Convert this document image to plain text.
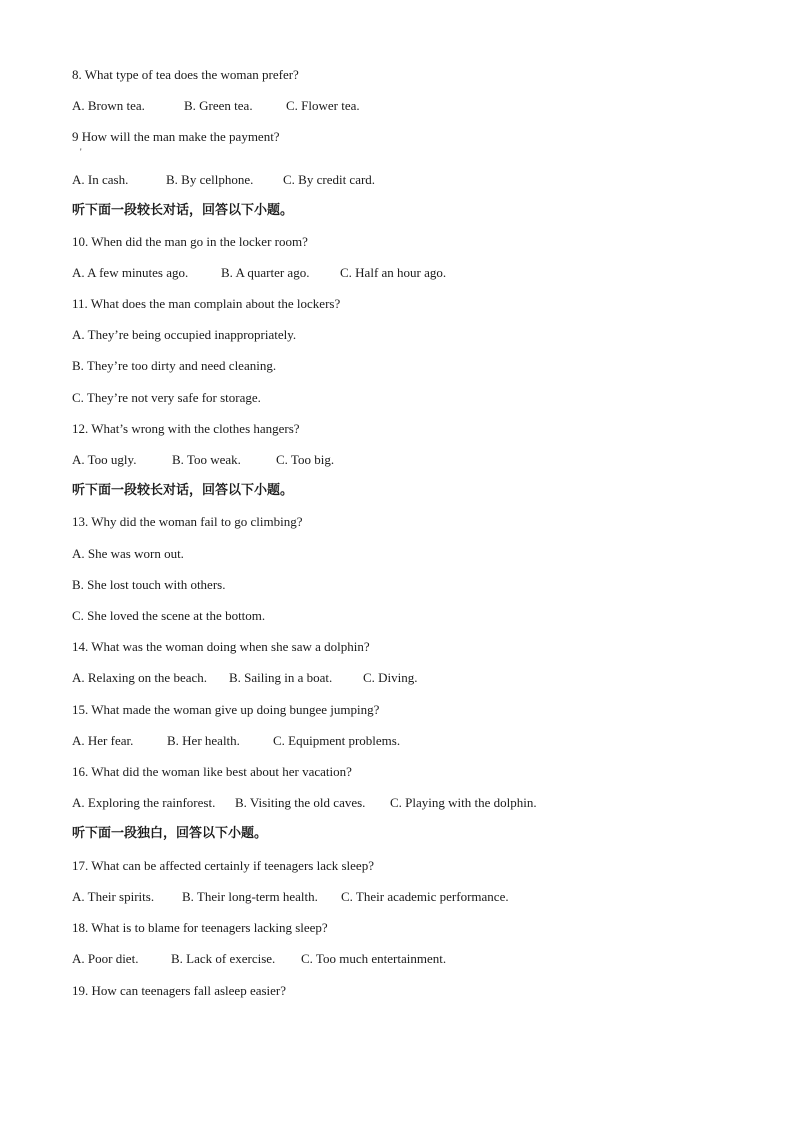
8. What type of tea does the woman prefer?
A. Brown tea.	B. Green tea.	C. Flower tea.
9 How will the man make the payment?
'
A. In cash.	B. By cellphone. C. By credit card.
听下面一段较长对话，回答以下小题。
10. When did the man go in the locker room?
A. A few minutes ago.	B. A quarter ago. C. Half an hour ago.
11. What does the man complain about the lockers?
A. They’re being occupied inappropriately.
B. They’re too dirty and need cleaning.
C. They’re not very safe for storage.
12. What’s wrong with the clothes hangers?
A. Too ugly.	B. Too weak.	C. Too big.
听下面一段较长对话，回答以下小题。
13. Why did the woman fail to go climbing?
A. She was worn out.
B. She lost touch with others.
C. She loved the scene at the bottom.
14. What was the woman doing when she saw a dolphin?
A. Relaxing on the beach. B. Sailing in a boat. C. Diving.
15. What made the woman give up doing bungee jumping?
A. Her fear.	B. Her health.	C. Equipment problems.
16. What did the woman like best about her vacation?
A. Exploring the rainforest. B. Visiting the old caves. C. Playing with the dolphin.
听下面一段独白，回答以下小题。
17. What can be affected certainly if teenagers lack sleep?
A. Their spirits. B. Their long-term health. C. Their academic performance.
18. What is to blame for teenagers lacking sleep?
A. Poor diet.	B. Lack of exercise. C. Too much entertainment.
19. How can teenagers fall asleep easier?
